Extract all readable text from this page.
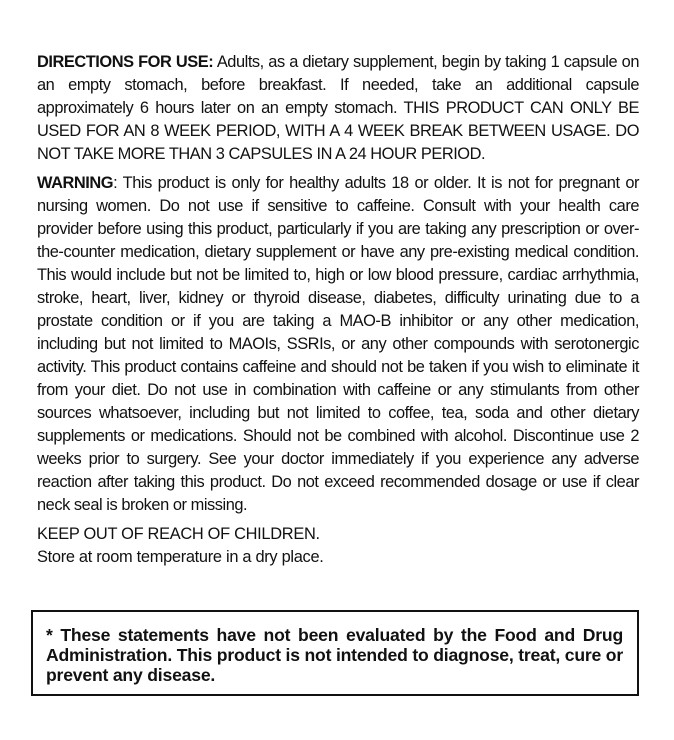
DIRECTIONS FOR USE: Adults, as a dietary supplement, begin by taking 1 capsule on an empty stomach, before breakfast. If needed, take an additional capsule approximately 6 hours later on an empty stomach. THIS PRODUCT CAN ONLY BE USED FOR AN 8 WEEK PERIOD, WITH A 4 WEEK BREAK BETWEEN USAGE. DO NOT TAKE MORE THAN 3 CAPSULES IN A 24 HOUR PERIOD.

WARNING: This product is only for healthy adults 18 or older. It is not for pregnant or nursing women. Do not use if sensitive to caffeine. Consult with your health care provider before using this product, particularly if you are taking any prescription or over-the-counter medication, dietary supplement or have any pre-existing medical condition. This would include but not be limited to, high or low blood pressure, cardiac arrhythmia, stroke, heart, liver, kidney or thyroid disease, diabetes, difficulty urinating due to a prostate condition or if you are taking a MAO-B inhibitor or any other medication, including but not limited to MAOIs, SSRIs, or any other compounds with serotonergic activity. This product contains caffeine and should not be taken if you wish to eliminate it from your diet. Do not use in combination with caffeine or any stimulants from other sources whatsoever, including but not limited to coffee, tea, soda and other dietary supplements or medications. Should not be combined with alcohol. Discontinue use 2 weeks prior to surgery. See your doctor immediately if you experience any adverse reaction after taking this product. Do not exceed recommended dosage or use if clear neck seal is broken or missing.

KEEP OUT OF REACH OF CHILDREN.

Store at room temperature in a dry place.

* These statements have not been evaluated by the Food and Drug Administration. This product is not intended to diagnose, treat, cure or prevent any disease.
